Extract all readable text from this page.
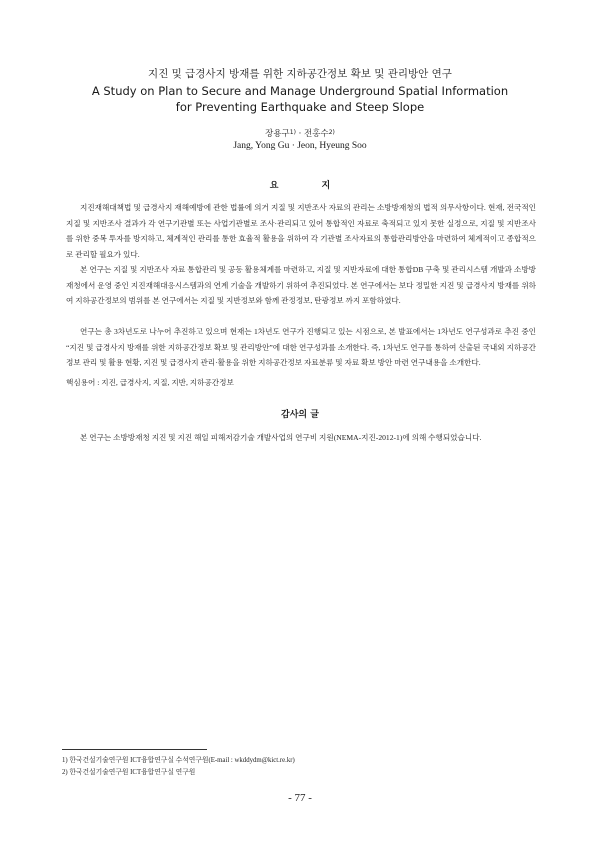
지진 및 급경사지 방재를 위한 지하공간정보 확보 및 관리방안 연구
A Study on Plan to Secure and Manage Underground Spatial Information
for Preventing Earthquake and Steep Slope
장용구$^{1)}$ · 전홍수$^{2)}$
Jang, Yong Gu · Jeon, Hyeung Soo
요 지

지진재해대책법 및 급경사지 재해예방에 관한 법률에 의거 지질 및 지반조사 자료의 관리는 소방방재청의 법적 의무사항이다. 현재, 전국적인 지질 및 지반조사 결과가 각 연구기관별 또는 사업기관별로 조사·관리되고 있어 통합적인 자료로 축적되고 있지 못한 실정으로, 지질 및 지반조사를 위한 중복 투자를 방지하고, 체계적인 관리를 통한 효율적 활용을 위하여 각 기관별 조사자료의 통합관리방안을 마련하여 체계적이고 종합적으로 관리할 필요가 있다.

본 연구는 지질 및 지반조사 자료 통합관리 및 공동 활용체계를 마련하고, 지질 및 지반자료에 대한 통합DB 구축 및 관리시스템 개발과 소방방재청에서 운영 중인 지진재해대응시스템과의 연계 기술을 개발하기 위하여 추진되었다. 본 연구에서는 보다 정밀한 지진 및 급경사지 방재를 위하여 지하공간정보의 범위를 본 연구에서는 지질 및 지반정보와 함께 관정정보, 탄광정보 까지 포함하였다.

연구는 총 3차년도로 나누어 추진하고 있으며 현재는 1차년도 연구가 진행되고 있는 시점으로, 본 발표에서는 1차년도 연구성과로 추진 중인 “지진 및 급경사지 방재를 위한 지하공간정보 확보 및 관리방안”에 대한 연구성과를 소개한다. 즉, 1차년도 연구를 통하여 산출된 국내외 지하공간정보 관리 및 활용 현황, 지진 및 급경사지 관리·활용을 위한 지하공간정보 자료분류 및 자료 확보 방안 마련 연구내용을 소개한다.

핵심용어 : 지진, 급경사지, 지질, 지반, 지하공간정보

감사의 글

본 연구는 소방방재청 지진 및 지진 해일 피해저감기술 개발사업의 연구비 지원(NEMA-지진-2012-1)에 의해 수행되었습니다.

1) 한국건설기술연구원 ICT융합연구실 수석연구원(E-mail : wkddydm@kict.re.kr)
2) 한국건설기술연구원 ICT융합연구실 연구원
- 77 -
